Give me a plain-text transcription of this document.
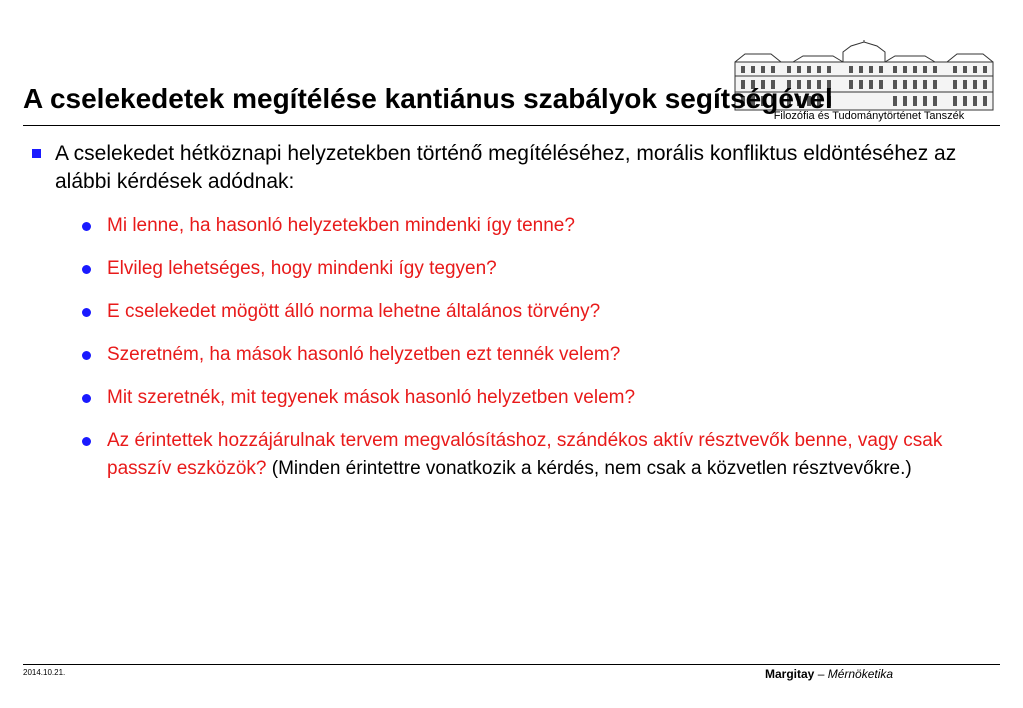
Filozófia és Tudománytörténet Tanszék
A cselekedetek megítélése kantiánus szabályok segítségével
A cselekedet hétköznapi helyzetekben történő megítéléséhez, morális konfliktus eldöntéséhez az alábbi kérdések adódnak:
Mi lenne, ha hasonló helyzetekben mindenki így tenne?
Elvileg lehetséges, hogy mindenki így tegyen?
E cselekedet mögött álló norma lehetne általános törvény?
Szeretném, ha mások hasonló helyzetben ezt tennék velem?
Mit szeretnék, mit tegyenek mások hasonló helyzetben velem?
Az érintettek hozzájárulnak tervem megvalósításhoz, szándékos aktív résztvevők benne, vagy csak passzív eszközök? (Minden érintettre vonatkozik a kérdés, nem csak a közvetlen résztvevőkre.)
2014.10.21.	Margitay – Mérnöketika
